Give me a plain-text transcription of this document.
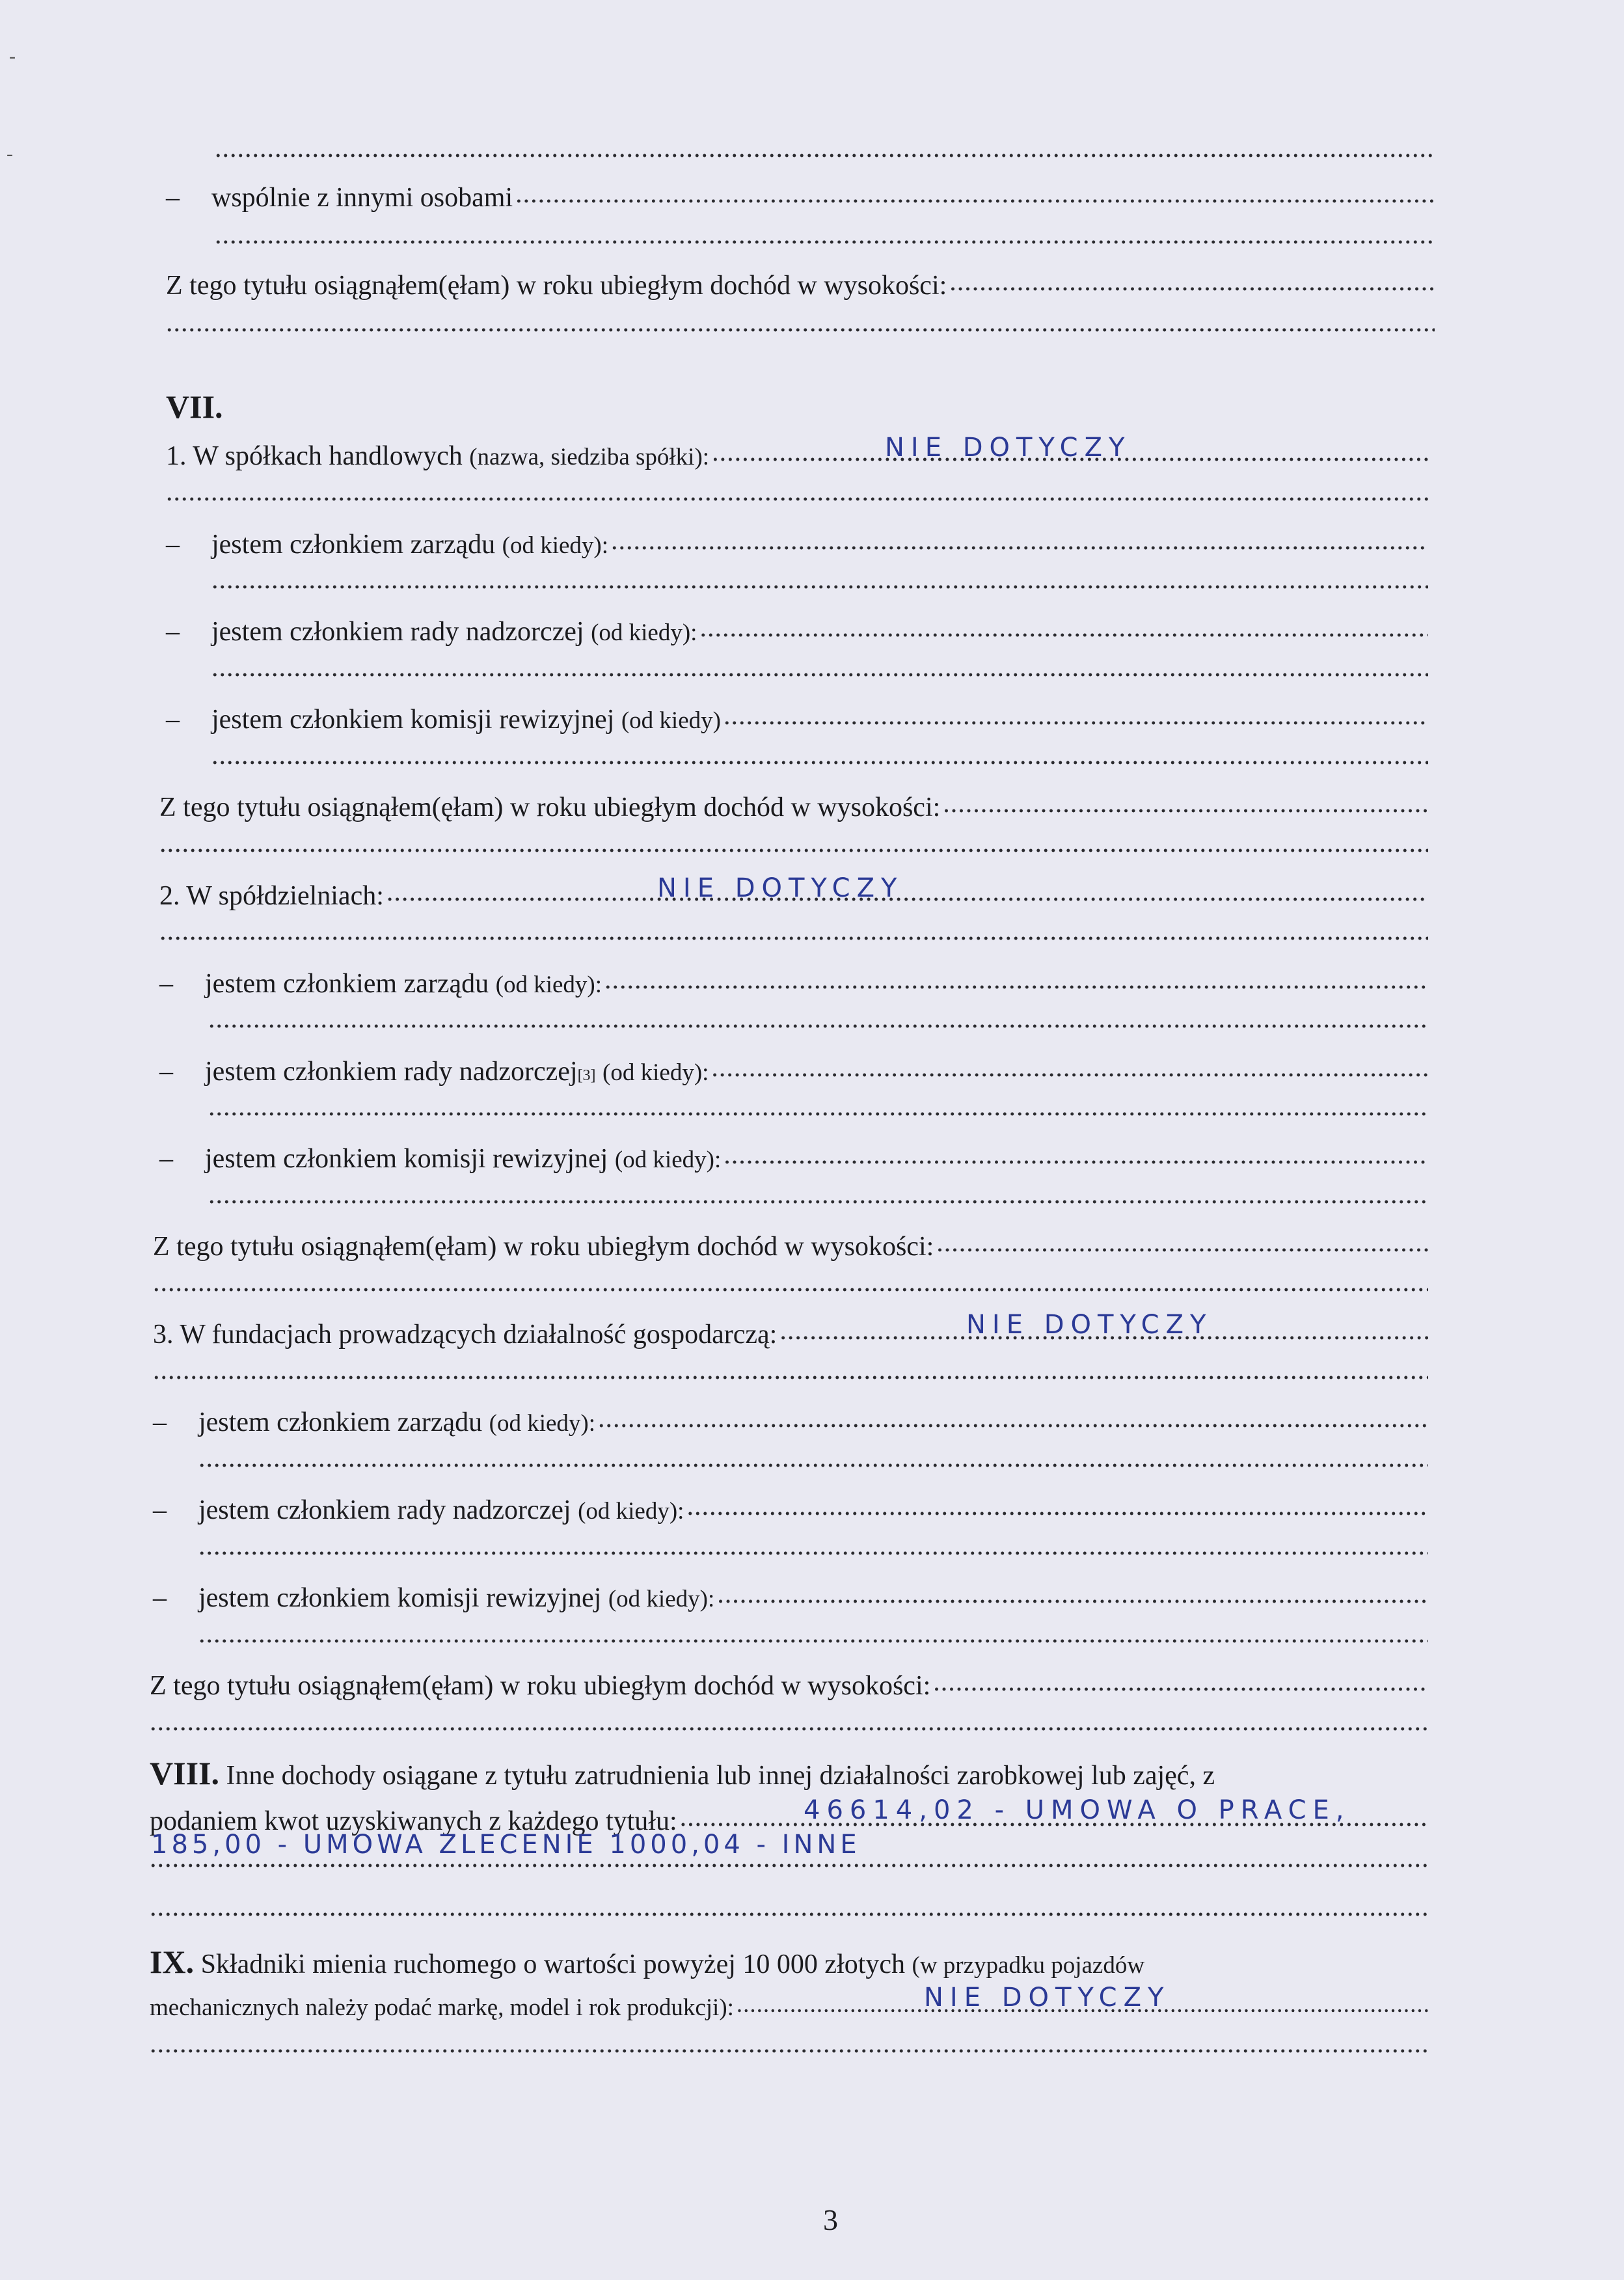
-
-
.....
–	wspólnie z innymi osobami
.....
.....
Z tego tytułu osiągnąłem(ęłam) w roku ubiegłym dochód w wysokości:
.....
.....
VII.
1. W spółkach handlowych
(nazwa, siedziba spółki): .....	NIE DOTYCZY
.....
–	jestem członkiem zarządu
(od kiedy):
.....
.....
–	jestem członkiem rady nadzorczej
(od kiedy):
.....
.....
–	jestem członkiem komisji rewizyjnej
(od kiedy)
.....
.....
Z tego tytułu osiągnąłem(ęłam) w roku ubiegłym dochód w wysokości:
.....
.....
2. W spółdzielniach: .....	NIE DOTYCZY
.....
–	jestem członkiem zarządu
(od kiedy):
.....
.....
–	jestem członkiem rady nadzorczej [3]
(od kiedy):
.....
.....
–	jestem członkiem komisji rewizyjnej
(od kiedy):
.....
.....
Z tego tytułu osiągnąłem(ęłam) w roku ubiegłym dochód w wysokości:
.....
.....
3. W fundacjach prowadzących działalność gospodarczą: .....	NIE DOTYCZY
.....
–	jestem członkiem zarządu
(od kiedy):
.....
.....
–	jestem członkiem rady nadzorczej
(od kiedy):
.....
.....
–	jestem członkiem komisji rewizyjnej
(od kiedy):
.....
.....
Z tego tytułu osiągnąłem(ęłam) w roku ubiegłym dochód w wysokości:
.....
.....
VIII.
Inne dochody osiągane z tytułu zatrudnienia lub innej działalności zarobkowej lub zajęć, z
podaniem kwot uzyskiwanych z każdego tytułu: .....	46614,02 - UMOWA O PRACE,
.....
185,00 - UMOWA ZLECENIE 1000,04 - INNE
.....
IX.
Składniki mienia ruchomego o wartości powyżej 10 000 złotych
(w przypadku pojazdów
mechanicznych należy podać markę, model i rok produkcji): .....	NIE DOTYCZY
.....
3
